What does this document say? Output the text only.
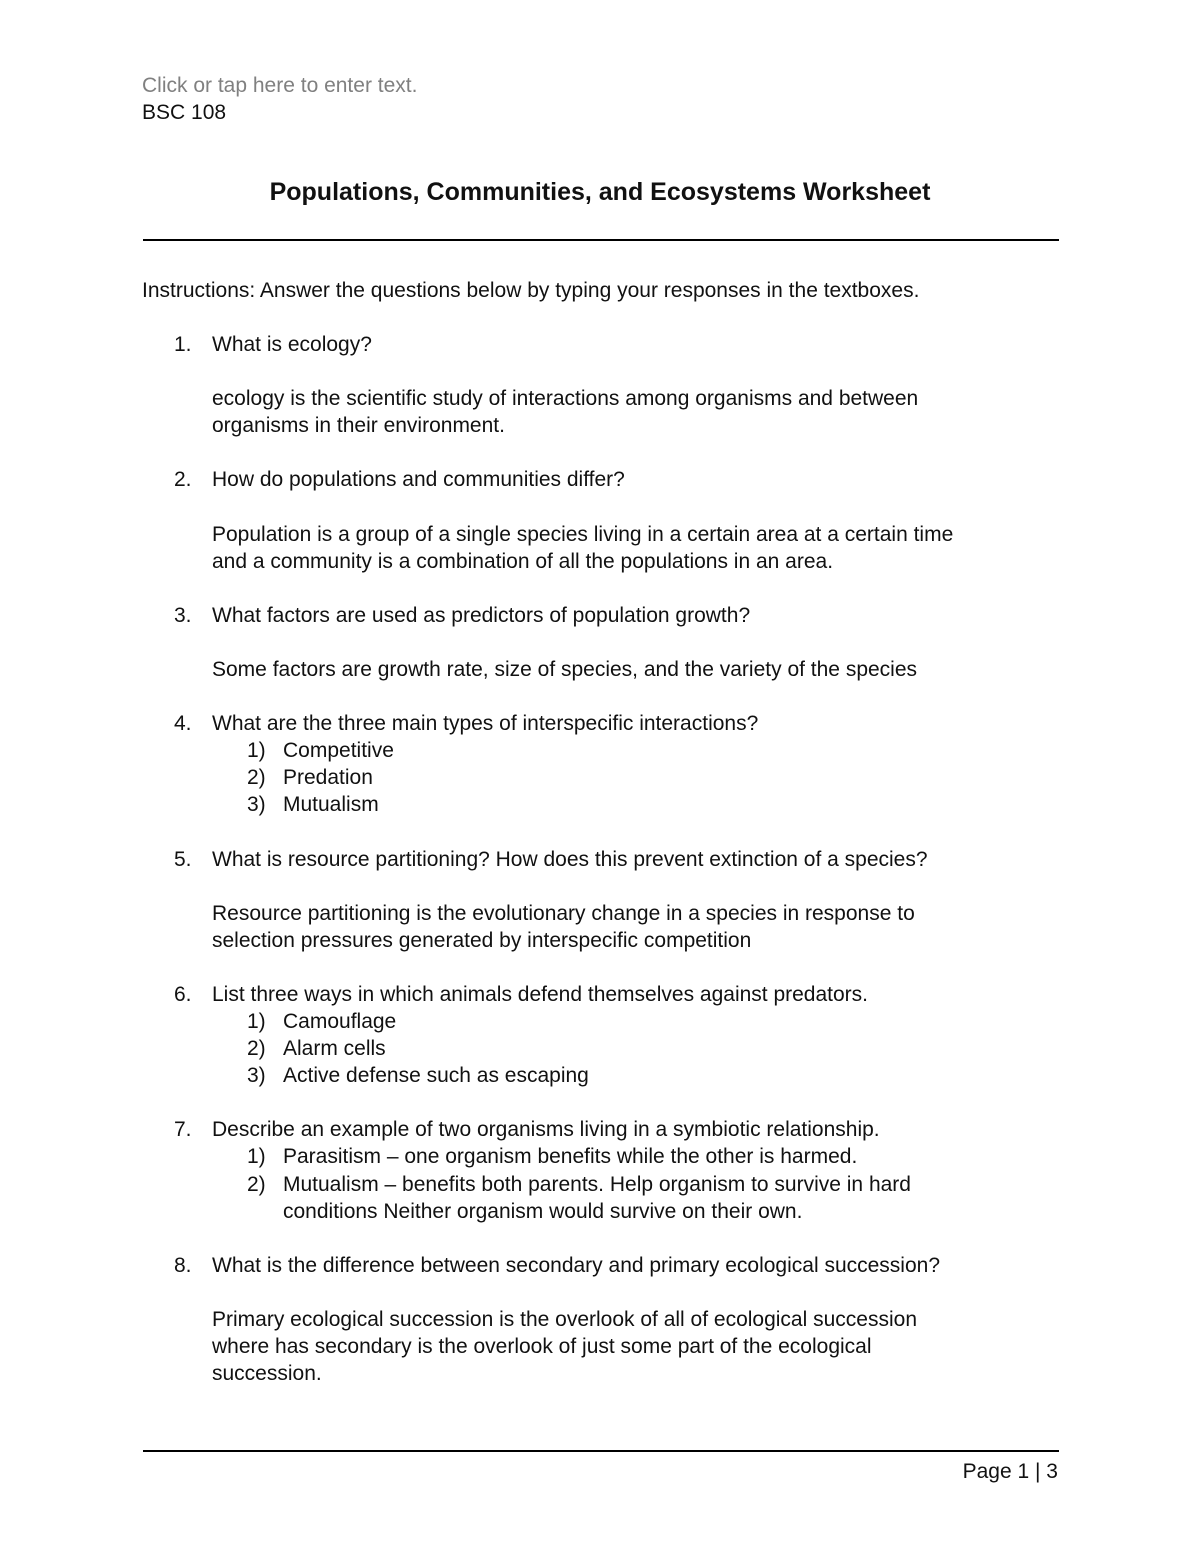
Click or tap here to enter text.
BSC 108
Populations, Communities, and Ecosystems Worksheet
Instructions: Answer the questions below by typing your responses in the textboxes.
1. What is ecology?
ecology is the scientific study of interactions among organisms and between
organisms in their environment.
2. How do populations and communities differ?
Population is a group of a single species living in a certain area at a certain time
and a community is a combination of all the populations in an area.
3. What factors are used as predictors of population growth?
Some factors are growth rate, size of species, and the variety of the species
4. What are the three main types of interspecific interactions?
1) Competitive
2) Predation
3) Mutualism
5. What is resource partitioning? How does this prevent extinction of a species?
Resource partitioning is the evolutionary change in a species in response to
selection pressures generated by interspecific competition
6. List three ways in which animals defend themselves against predators.
1) Camouflage
2) Alarm cells
3) Active defense such as escaping
7. Describe an example of two organisms living in a symbiotic relationship.
1) Parasitism – one organism benefits while the other is harmed.
2) Mutualism – benefits both parents. Help organism to survive in hard
conditions Neither organism would survive on their own.
8. What is the difference between secondary and primary ecological succession?
Primary ecological succession is the overlook of all of ecological succession
where has secondary is the overlook of just some part of the ecological
succession.
Page 1 | 3
